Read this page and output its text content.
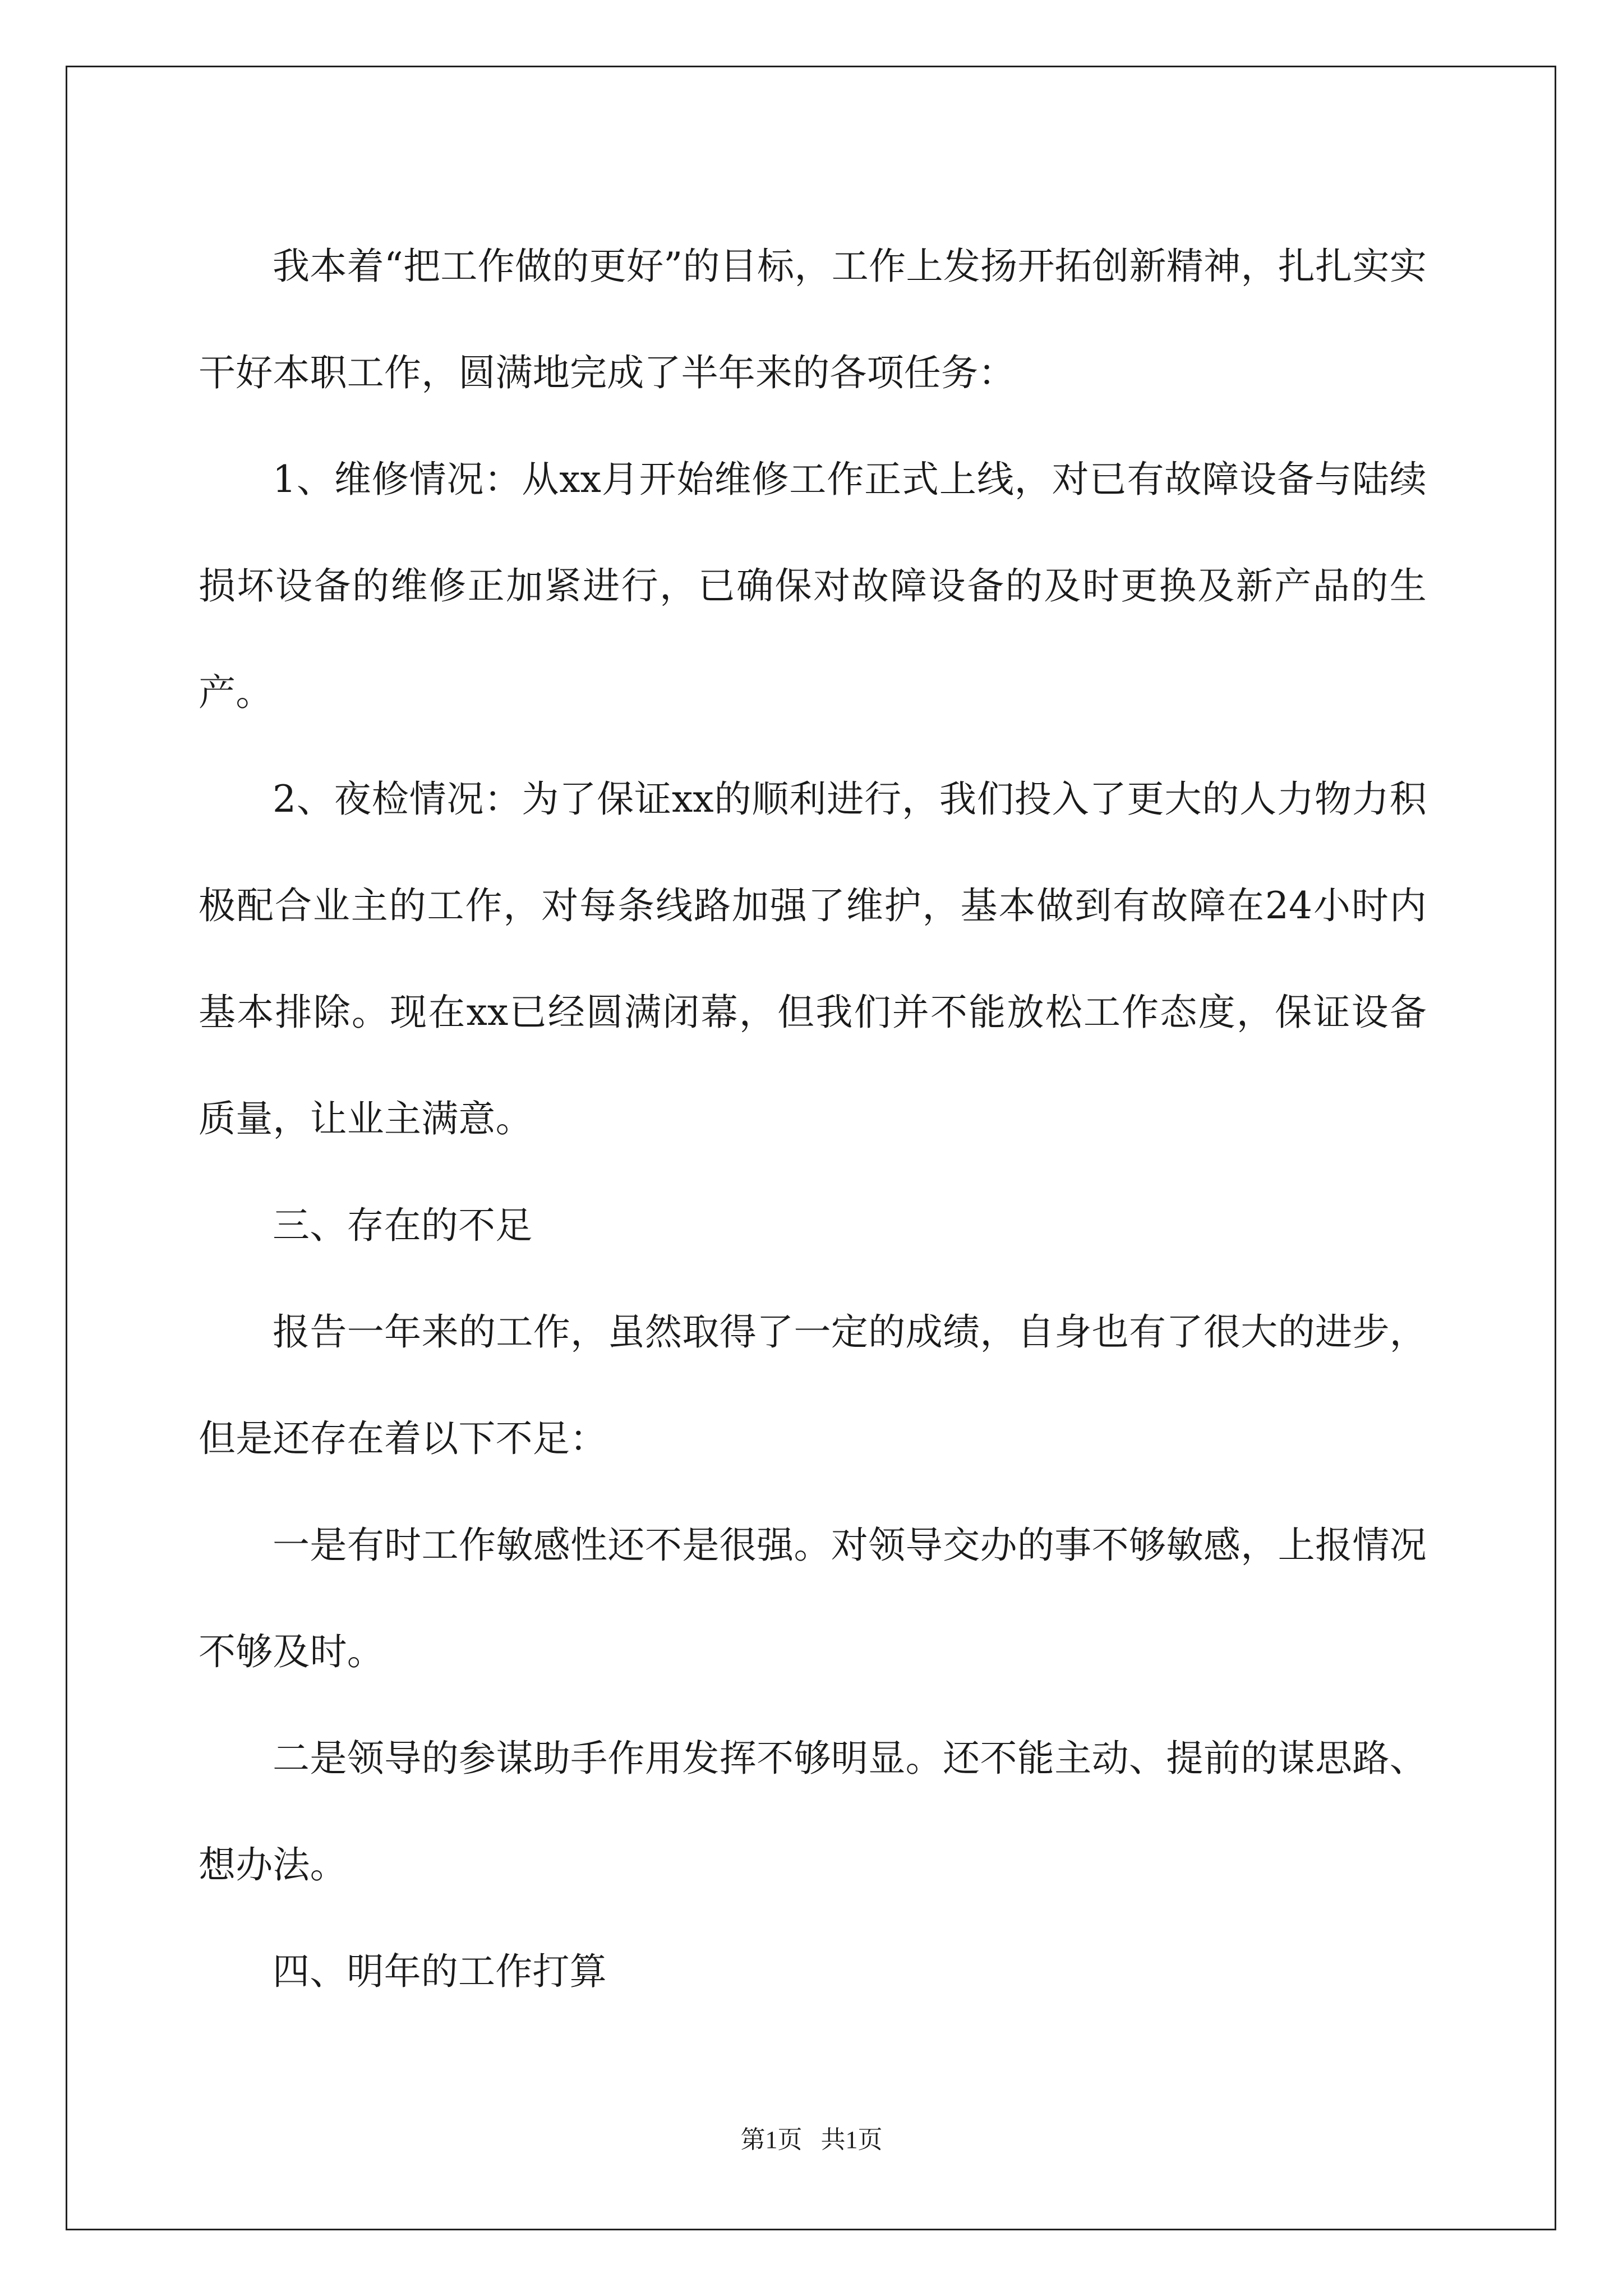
我本着“把工作做的更好”的目标，工作上发扬开拓创新精神，扎扎实实干好本职工作，圆满地完成了半年来的各项任务：

1、维修情况：从xx月开始维修工作正式上线，对已有故障设备与陆续损坏设备的维修正加紧进行，已确保对故障设备的及时更换及新产品的生产。

2、夜检情况：为了保证xx的顺利进行，我们投入了更大的人力物力积极配合业主的工作，对每条线路加强了维护，基本做到有故障在24小时内基本排除。现在xx已经圆满闭幕，但我们并不能放松工作态度，保证设备质量，让业主满意。

三、存在的不足

报告一年来的工作，虽然取得了一定的成绩，自身也有了很大的进步，但是还存在着以下不足：

一是有时工作敏感性还不是很强。对领导交办的事不够敏感，上报情况不够及时。

二是领导的参谋助手作用发挥不够明显。还不能主动、提前的谋思路、想办法。

四、明年的工作打算

第1页   共1页
